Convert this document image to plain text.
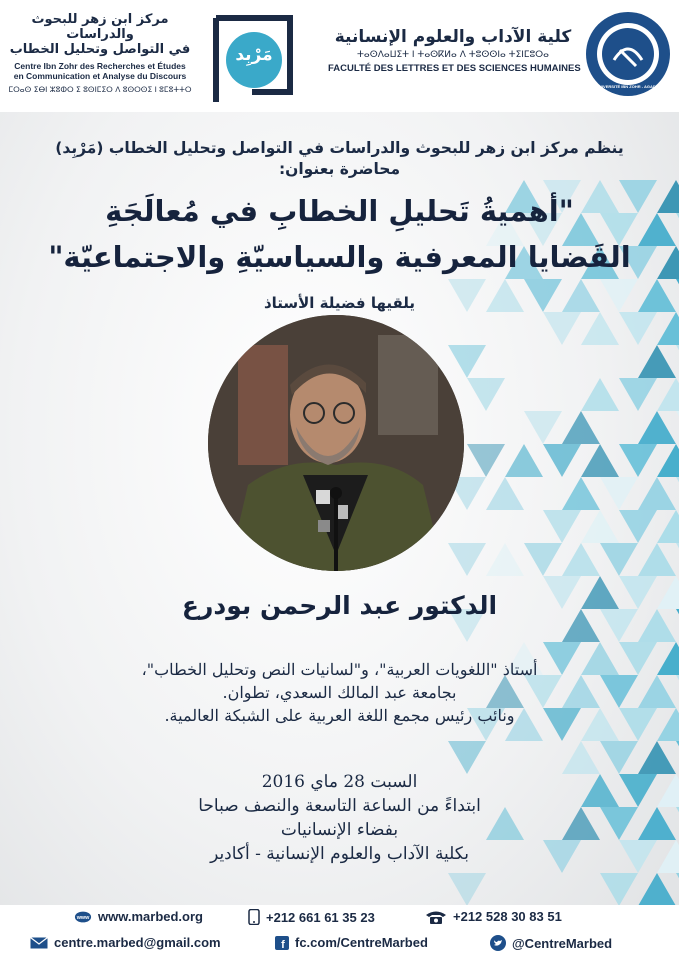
مركز ابن زهر للبحوث والدراسات
في التواصل وتحليل الخطاب
Centre Ibn Zohr des Recherches et Études
en Communication et Analyse du Discours
ⵎⵔⴰⵙ ⵉⴱⵏ ⵣⵓⵀⵔ ⵉ ⵓⵙⵏⵎⵉⵔ ⴷ ⵓⵙⵔⵙⵉ ⵏ ⵓⵎⵓⵜⵜⵔ
مَرْبِد
كلية الآداب والعلوم الإنسانية
ⵜⴰⵙⴷⴰⵡⵉⵜ ⵏ ⵜⴰⵙⴽⵍⴰ ⴷ ⵜⵓⵙⵙⵏⴰ ⵜⵉⵏⵎⵓⵔⴰ
FACULTÉ DES LETTRES ET DES SCIENCES HUMAINES
UNIVERSITÉ IBN ZOHR - AGADIR
ينظم مركز ابن زهر للبحوث والدراسات في التواصل وتحليل الخطاب (مَرْبِد)
محاضرة بعنوان:
"أهميةُ تَحليلِ الخطابِ في مُعالَجَةِ
القَضايا المعرفية والسياسيّةِ والاجتماعيّة"
يلقيها فضيلة الأستاذ
الدكتور عبد الرحمن بودرع
أستاذ "اللغويات العربية"، و"لسانيات النص وتحليل الخطاب"،
بجامعة عبد المالك السعدي، تطوان.
ونائب رئيس مجمع اللغة العربية على الشبكة العالمية.
السبت 28 ماي 2016
ابتداءً من الساعة التاسعة والنصف صباحا
بفضاء الإنسانيات
بكلية الآداب والعلوم الإنسانية - أكادير
www www.marbed.org	+212 661 61 35 23	+212 528 30 83 51
centre.marbed@gmail.com	f fc.com/CentreMarbed	@CentreMarbed
